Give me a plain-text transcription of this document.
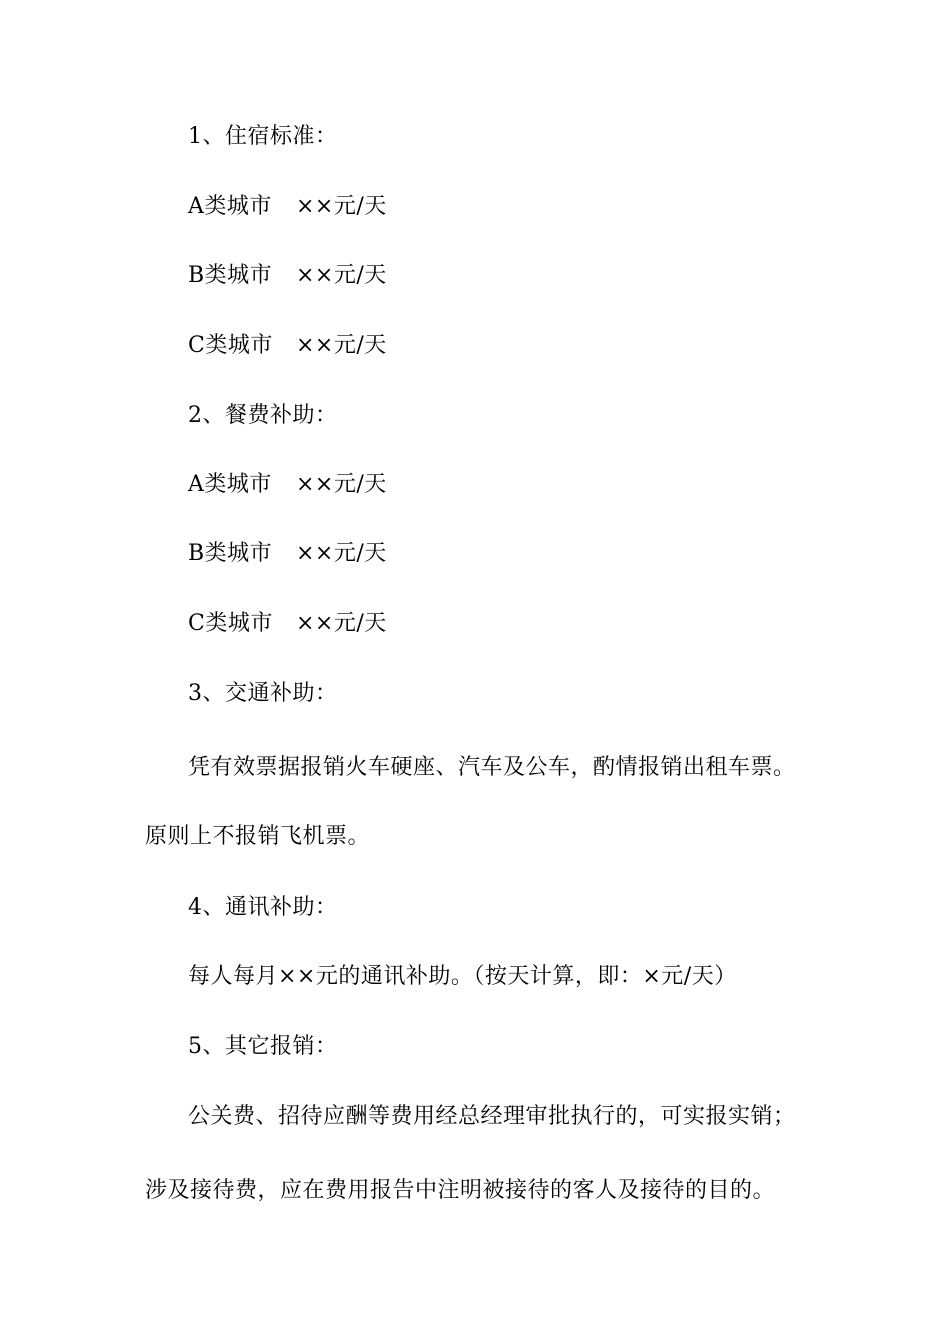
1、住宿标准：
A类城市 ××元/天
B类城市 ××元/天
C类城市 ××元/天
2、餐费补助：
A类城市 ××元/天
B类城市 ××元/天
C类城市 ××元/天
3、交通补助：
凭有效票据报销火车硬座、汽车及公车，酌情报销出租车票。
原则上不报销飞机票。
4、通讯补助：
每人每月××元的通讯补助。（按天计算，即：×元/天）
5、其它报销：
公关费、招待应酬等费用经总经理审批执行的，可实报实销；
涉及接待费，应在费用报告中注明被接待的客人及接待的目的。
